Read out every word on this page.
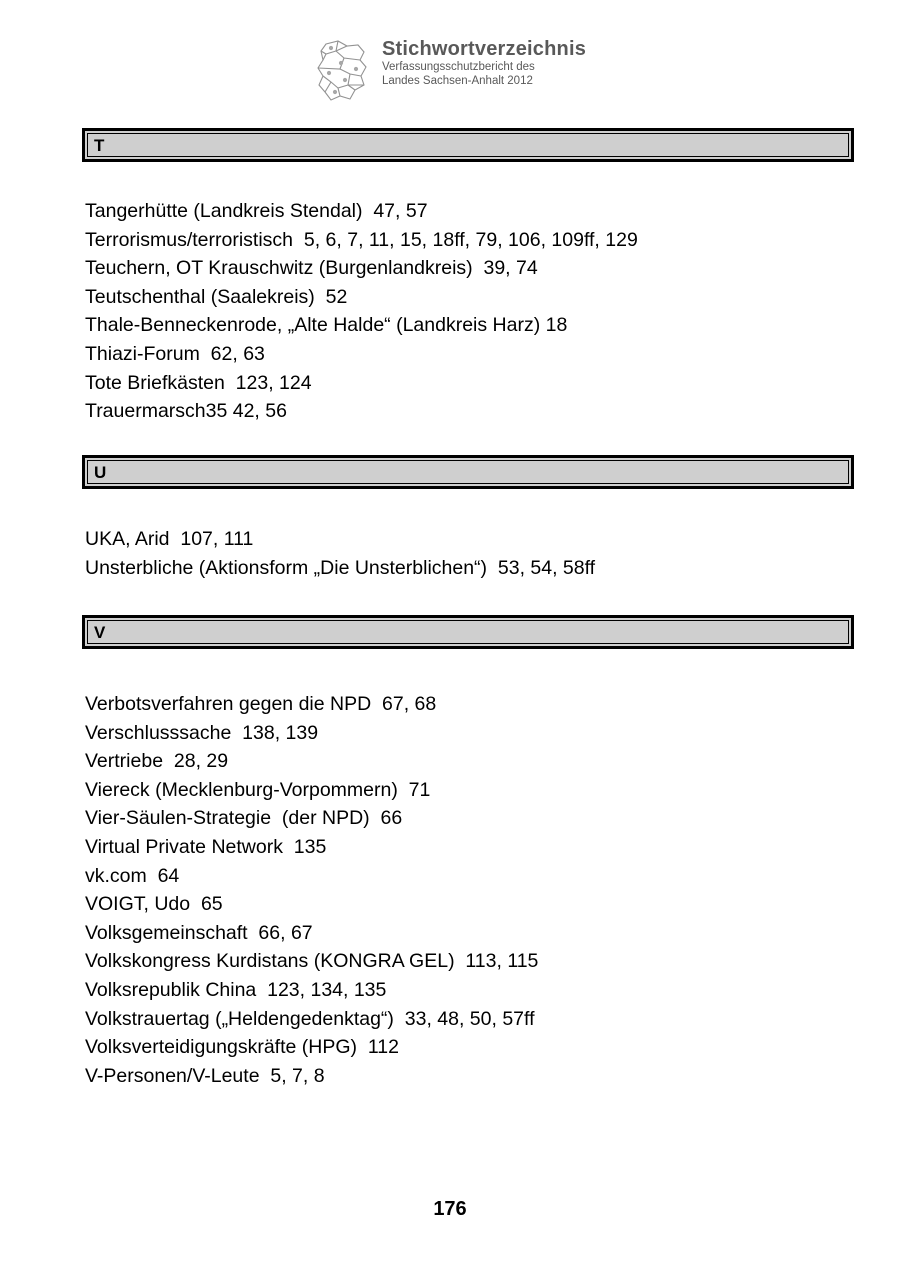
Stichwortverzeichnis
Verfassungsschutzbericht des
Landes Sachsen-Anhalt 2012
T
Tangerhütte (Landkreis Stendal)  47, 57
Terrorismus/terroristisch  5, 6, 7, 11, 15, 18ff, 79, 106, 109ff, 129
Teuchern, OT Krauschwitz (Burgenlandkreis)  39, 74
Teutschenthal (Saalekreis)  52
Thale-Benneckenrode, „Alte Halde“ (Landkreis Harz) 18
Thiazi-Forum  62, 63
Tote Briefkästen  123, 124
Trauermarsch35 42, 56
U
UKA, Arid  107, 111
Unsterbliche (Aktionsform „Die Unsterblichen“)  53, 54, 58ff
V
Verbotsverfahren gegen die NPD  67, 68
Verschlusssache  138, 139
Vertriebe  28, 29
Viereck (Mecklenburg-Vorpommern)  71
Vier-Säulen-Strategie  (der NPD)  66
Virtual Private Network  135
vk.com  64
VOIGT, Udo  65
Volksgemeinschaft  66, 67
Volkskongress Kurdistans (KONGRA GEL)  113, 115
Volksrepublik China  123, 134, 135
Volkstrauertag („Heldengedenktag“)  33, 48, 50, 57ff
Volksverteidigungskräfte (HPG)  112
V-Personen/V-Leute  5, 7, 8
176
